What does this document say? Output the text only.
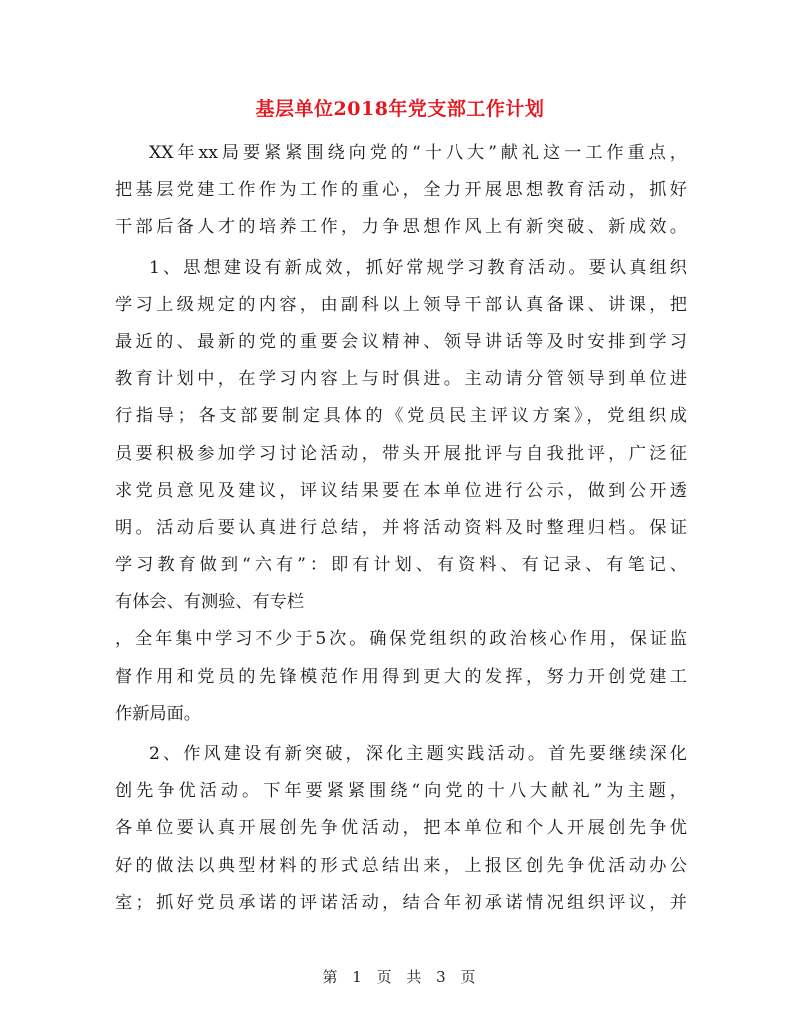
基层单位2018年党支部工作计划
XX年xx局要紧紧围绕向党的“十八大”献礼这一工作重点，
把基层党建工作作为工作的重心，全力开展思想教育活动，抓好
干部后备人才的培养工作，力争思想作风上有新突破、新成效。
1、思想建设有新成效，抓好常规学习教育活动。要认真组织
学习上级规定的内容，由副科以上领导干部认真备课、讲课，把
最近的、最新的党的重要会议精神、领导讲话等及时安排到学习
教育计划中，在学习内容上与时俱进。主动请分管领导到单位进
行指导；各支部要制定具体的《党员民主评议方案》，党组织成
员要积极参加学习讨论活动，带头开展批评与自我批评，广泛征
求党员意见及建议，评议结果要在本单位进行公示，做到公开透
明。活动后要认真进行总结，并将活动资料及时整理归档。保证
学习教育做到“六有”：即有计划、有资料、有记录、有笔记、
有体会、有测验、有专栏
，全年集中学习不少于5次。确保党组织的政治核心作用，保证监
督作用和党员的先锋模范作用得到更大的发挥，努力开创党建工
作新局面。
2、作风建设有新突破，深化主题实践活动。首先要继续深化
创先争优活动。下年要紧紧围绕“向党的十八大献礼”为主题，
各单位要认真开展创先争优活动，把本单位和个人开展创先争优
好的做法以典型材料的形式总结出来，上报区创先争优活动办公
室；抓好党员承诺的评诺活动，结合年初承诺情况组织评议，并
第 1 页 共 3 页
